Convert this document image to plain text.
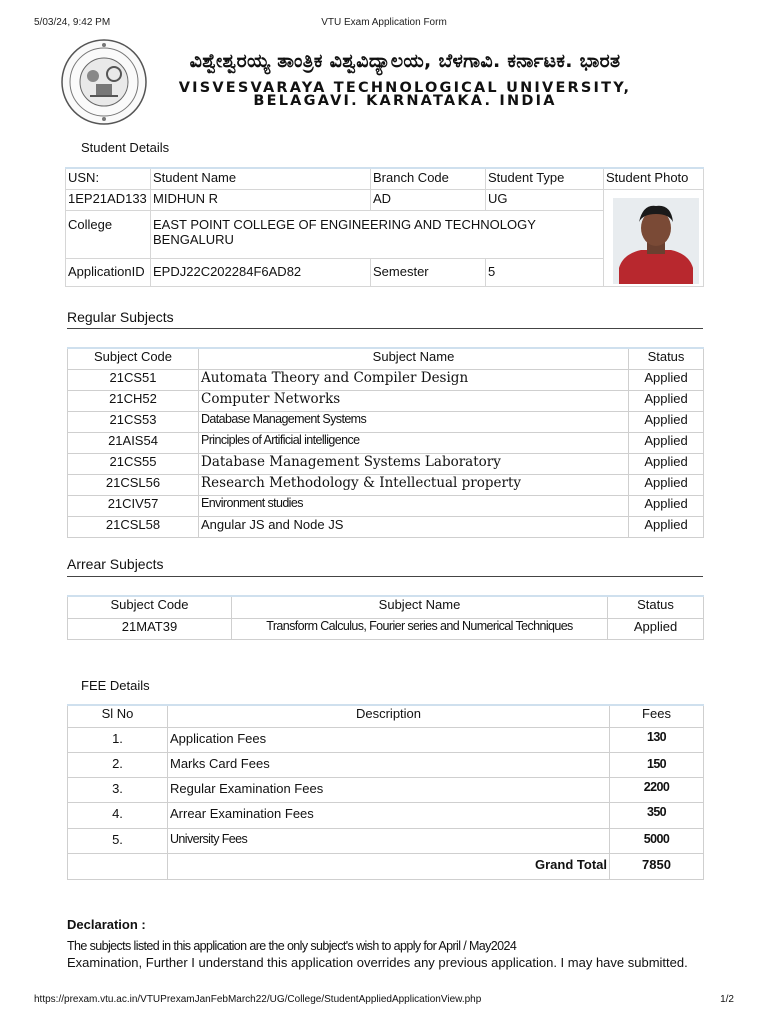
5/03/24, 9:42 PM	VTU Exam Application Form
ವಿಶ್ವೇಶ್ವರಯ್ಯ ತಾಂತ್ರಿಕ ವಿಶ್ವವಿದ್ಯಾಲಯ, ಬೆಳಗಾವಿ. ಕರ್ನಾಟಕ. ಭಾರತ
VISVESVARAYA TECHNOLOGICAL UNIVERSITY,
BELAGAVI. KARNATAKA. INDIA
Student Details
USN:	Student Name	Branch Code	Student Type	Student Photo
1EP21AD133	MIDHUN R	AD	UG	
College	EAST POINT COLLEGE OF ENGINEERING AND TECHNOLOGY
BENGALURU			

ApplicationID	EPDJ22C202284F6AD82	Semester	5	
Regular Subjects
Subject Code	Subject Name	Status
21CS51	Automata Theory and Compiler Design	Applied
21CH52	Computer Networks	Applied
21CS53	Database Management Systems	Applied
21AIS54	Principles of Artificial intelligence	Applied
21CS55	Database Management Systems Laboratory	Applied
21CSL56	Research Methodology & Intellectual property	Applied
21CIV57	Environment studies	Applied
21CSL58	Angular JS and Node JS	Applied
Arrear Subjects
Subject Code	Subject Name	Status
21MAT39	Transform Calculus, Fourier series and Numerical Techniques	Applied
FEE Details
Sl No	Description	Fees
1.	Application Fees	130
2.	Marks Card Fees	150
3.	Regular Examination Fees	2200
4.	Arrear Examination Fees	350
5.	University Fees	5000
	Grand Total	7850
Declaration :
The subjects listed in this application are the only subject's wish to apply for April / May2024
Examination, Further I understand this application overrides any previous application. I may have submitted.
https://prexam.vtu.ac.in/VTUPrexamJanFebMarch22/UG/College/StudentAppliedApplicationView.php	1/2
